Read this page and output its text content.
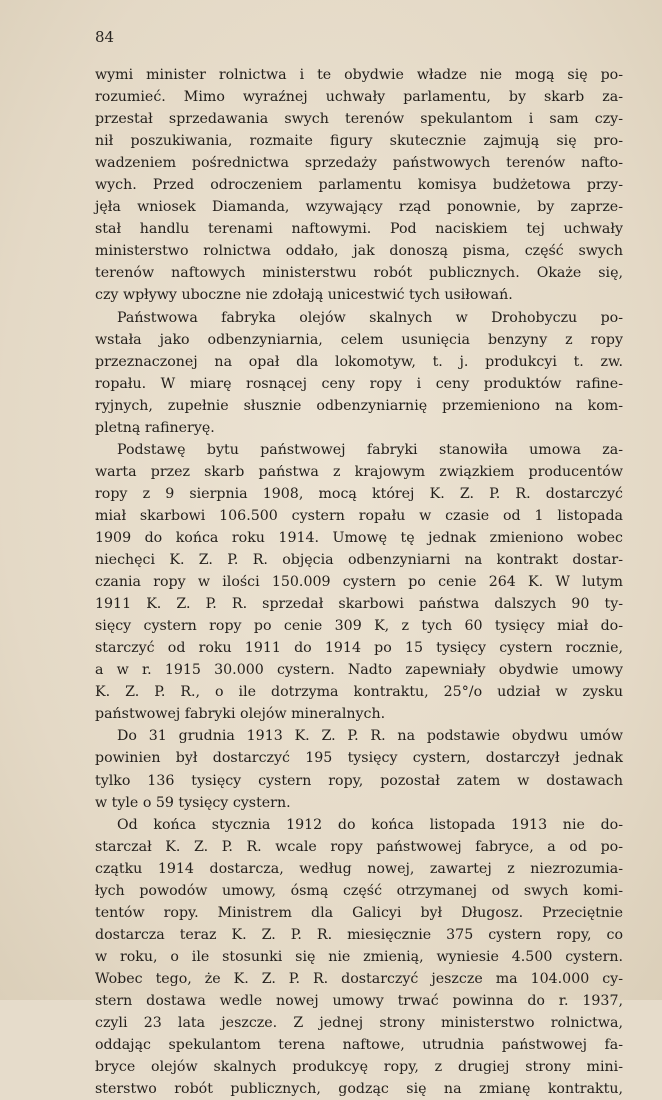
84
wymi minister rolnictwa i te obydwie władze nie mogą się po-
rozumieć. Mimo wyraźnej uchwały parlamentu, by skarb za-
przestał sprzedawania swych terenów spekulantom i sam czy-
nił poszukiwania, rozmaite figury skutecznie zajmują się pro-
wadzeniem pośrednictwa sprzedaży państwowych terenów nafto-
wych. Przed odroczeniem parlamentu komisya budżetowa przy-
jęła wniosek Diamanda, wzywający rząd ponownie, by zaprze-
stał handlu terenami naftowymi. Pod naciskiem tej uchwały
ministerstwo rolnictwa oddało, jak donoszą pisma, część swych
terenów naftowych ministerstwu robót publicznych. Okaże się,
czy wpływy uboczne nie zdołają unicestwić tych usiłowań.
Państwowa fabryka olejów skalnych w Drohobyczu po-
wstała jako odbenzyniarnia, celem usunięcia benzyny z ropy
przeznaczonej na opał dla lokomotyw, t. j. produkcyi t. zw.
ropału. W miarę rosnącej ceny ropy i ceny produktów rafine-
ryjnych, zupełnie słusznie odbenzyniarnię przemieniono na kom-
pletną rafineryę.
Podstawę bytu państwowej fabryki stanowiła umowa za-
warta przez skarb państwa z krajowym związkiem producentów
ropy z 9 sierpnia 1908, mocą której K. Z. P. R. dostarczyć
miał skarbowi 106.500 cystern ropału w czasie od 1 listopada
1909 do końca roku 1914. Umowę tę jednak zmieniono wobec
niechęci K. Z. P. R. objęcia odbenzyniarni na kontrakt dostar-
czania ropy w ilości 150.009 cystern po cenie 264 K. W lutym
1911 K. Z. P. R. sprzedał skarbowi państwa dalszych 90 ty-
sięcy cystern ropy po cenie 309 K, z tych 60 tysięcy miał do-
starczyć od roku 1911 do 1914 po 15 tysięcy cystern rocznie,
a w r. 1915 30.000 cystern. Nadto zapewniały obydwie umowy
K. Z. P. R., o ile dotrzyma kontraktu, 25°/o udział w zysku
państwowej fabryki olejów mineralnych.
Do 31 grudnia 1913 K. Z. P. R. na podstawie obydwu umów
powinien był dostarczyć 195 tysięcy cystern, dostarczył jednak
tylko 136 tysięcy cystern ropy, pozostał zatem w dostawach
w tyle o 59 tysięcy cystern.
Od końca stycznia 1912 do końca listopada 1913 nie do-
starczał K. Z. P. R. wcale ropy państwowej fabryce, a od po-
czątku 1914 dostarcza, według nowej, zawartej z niezrozumia-
łych powodów umowy, ósmą część otrzymanej od swych komi-
tentów ropy. Ministrem dla Galicyi był Długosz. Przeciętnie
dostarcza teraz K. Z. P. R. miesięcznie 375 cystern ropy, co
w roku, o ile stosunki się nie zmienią, wyniesie 4.500 cystern.
Wobec tego, że K. Z. P. R. dostarczyć jeszcze ma 104.000 cy-
stern dostawa wedle nowej umowy trwać powinna do r. 1937,
czyli 23 lata jeszcze. Z jednej strony ministerstwo rolnictwa,
oddając spekulantom terena naftowe, utrudnia państwowej fa-
bryce olejów skalnych produkcyę ropy, z drugiej strony mini-
sterstwo robót publicznych, godząc się na zmianę kontraktu,
